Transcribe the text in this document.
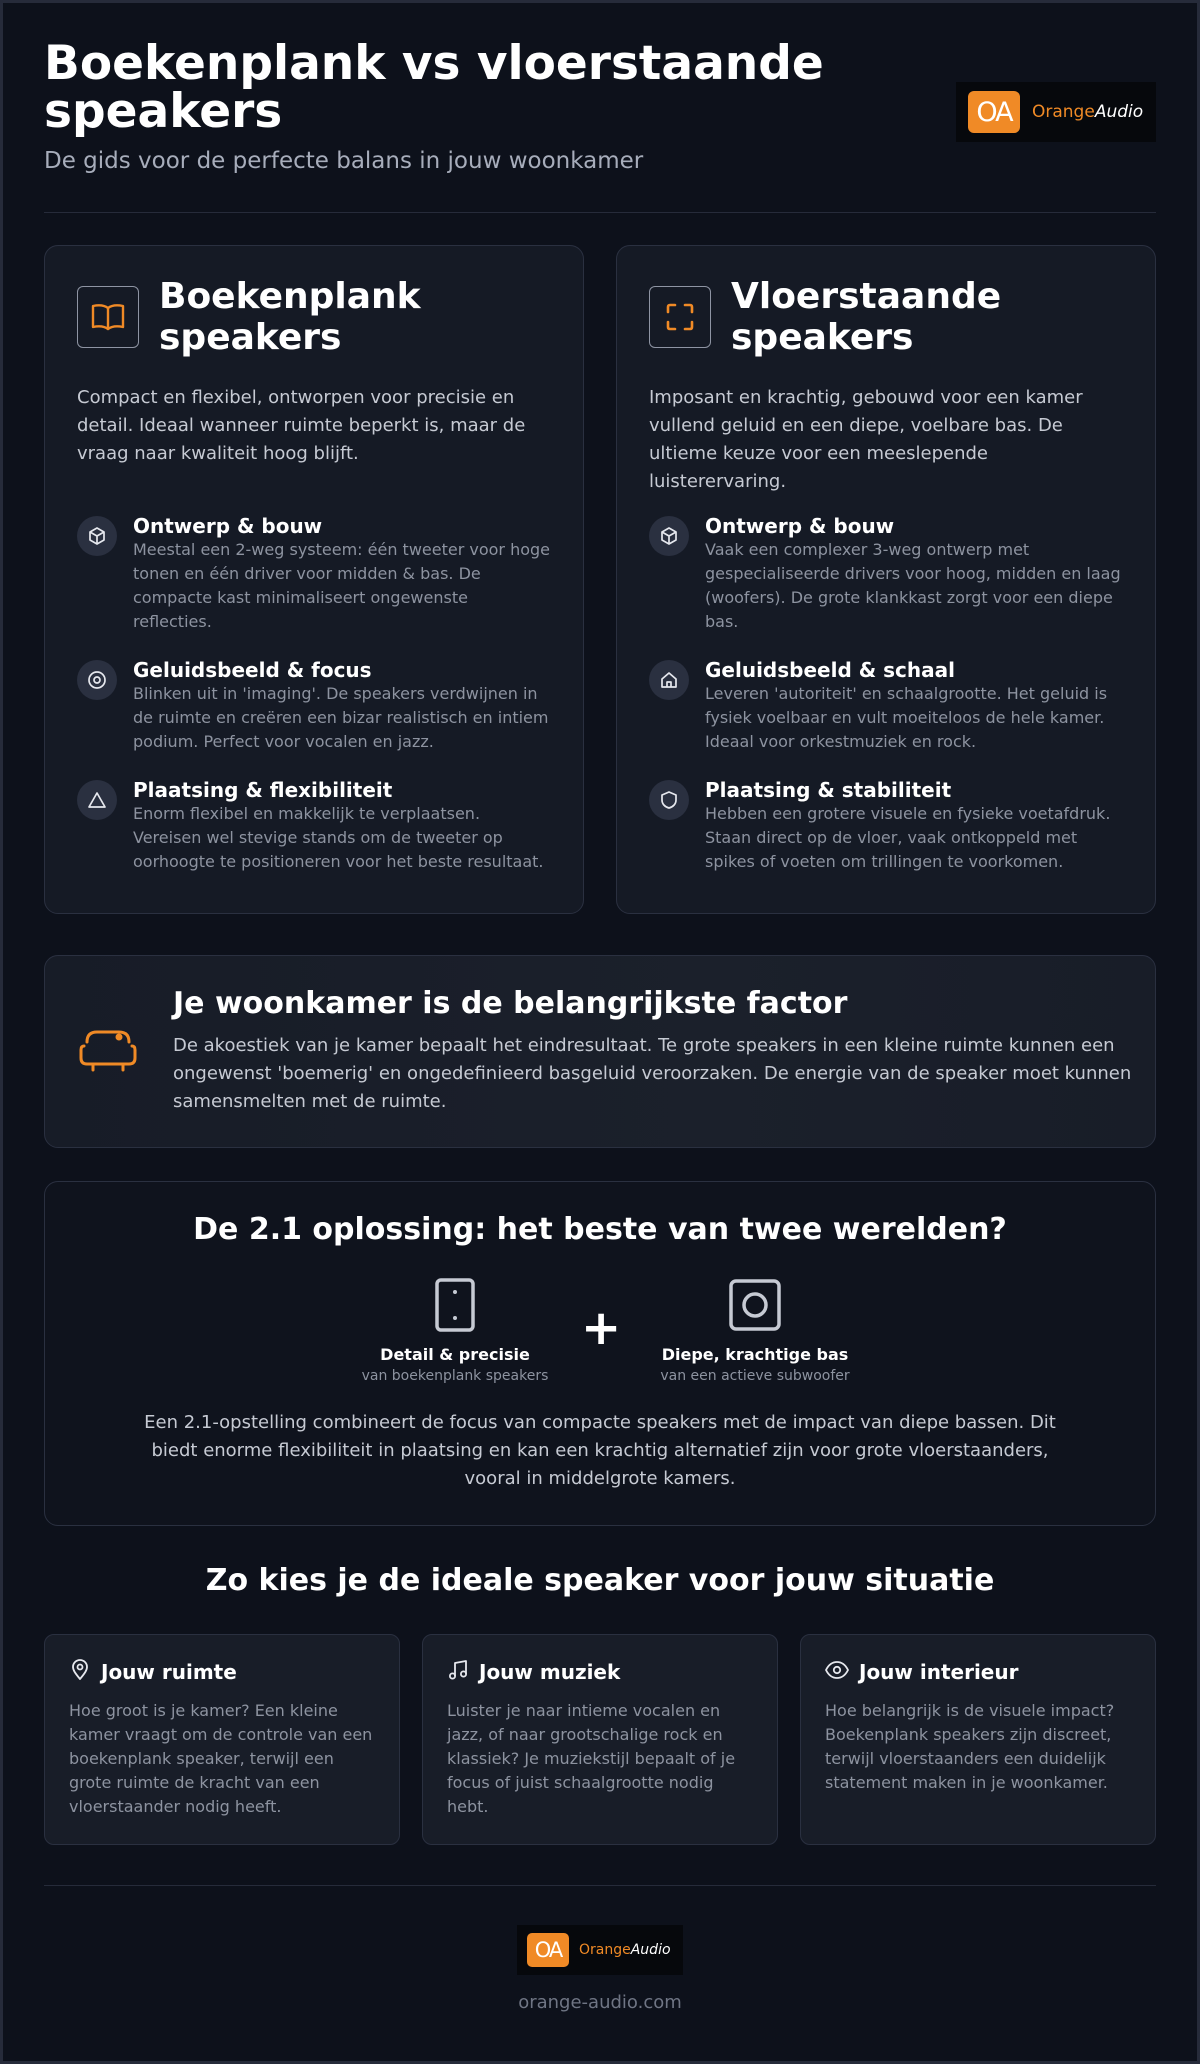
Boekenplank vs vloerstaande speakers
De gids voor de perfecte balans in jouw woonkamer
OA	OrangeAudio
Boekenplank speakers

Compact en flexibel, ontworpen voor precisie en detail. Ideaal wanneer ruimte beperkt is, maar de vraag naar kwaliteit hoog blijft.

Ontwerp & bouw
Meestal een 2-weg systeem: één tweeter voor hoge tonen en één driver voor midden & bas. De compacte kast minimaliseert ongewenste reflecties.
Geluidsbeeld & focus
Blinken uit in 'imaging'. De speakers verdwijnen in de ruimte en creëren een bizar realistisch en intiem podium. Perfect voor vocalen en jazz.
Plaatsing & flexibiliteit
Enorm flexibel en makkelijk te verplaatsen. Vereisen wel stevige stands om de tweeter op oorhoogte te positioneren voor het beste resultaat.
Vloerstaande speakers

Imposant en krachtig, gebouwd voor een kamer vullend geluid en een diepe, voelbare bas. De ultieme keuze voor een meeslepende luisterervaring.

Ontwerp & bouw
Vaak een complexer 3-weg ontwerp met gespecialiseerde drivers voor hoog, midden en laag (woofers). De grote klankkast zorgt voor een diepe bas.
Geluidsbeeld & schaal
Leveren 'autoriteit' en schaalgrootte. Het geluid is fysiek voelbaar en vult moeiteloos de hele kamer. Ideaal voor orkestmuziek en rock.
Plaatsing & stabiliteit
Hebben een grotere visuele en fysieke voetafdruk. Staan direct op de vloer, vaak ontkoppeld met spikes of voeten om trillingen te voorkomen.
Je woonkamer is de belangrijkste factor
De akoestiek van je kamer bepaalt het eindresultaat. Te grote speakers in een kleine ruimte kunnen een ongewenst 'boemerig' en ongedefinieerd basgeluid veroorzaken. De energie van de speaker moet kunnen samensmelten met de ruimte.
De 2.1 oplossing: het beste van twee werelden?
Detail & precisie
van boekenplank speakers
+	Diepe, krachtige bas
van een actieve subwoofer
Een 2.1-opstelling combineert de focus van compacte speakers met de impact van diepe bassen. Dit biedt enorme flexibiliteit in plaatsing en kan een krachtig alternatief zijn voor grote vloerstaanders, vooral in middelgrote kamers.
Zo kies je de ideale speaker voor jouw situatie
Jouw ruimte
Hoe groot is je kamer? Een kleine kamer vraagt om de controle van een boekenplank speaker, terwijl een grote ruimte de kracht van een vloerstaander nodig heeft.
Jouw muziek
Luister je naar intieme vocalen en jazz, of naar grootschalige rock en klassiek? Je muziekstijl bepaalt of je focus of juist schaalgrootte nodig hebt.
Jouw interieur
Hoe belangrijk is de visuele impact? Boekenplank speakers zijn discreet, terwijl vloerstaanders een duidelijk statement maken in je woonkamer.
OA	OrangeAudio
orange-audio.com
